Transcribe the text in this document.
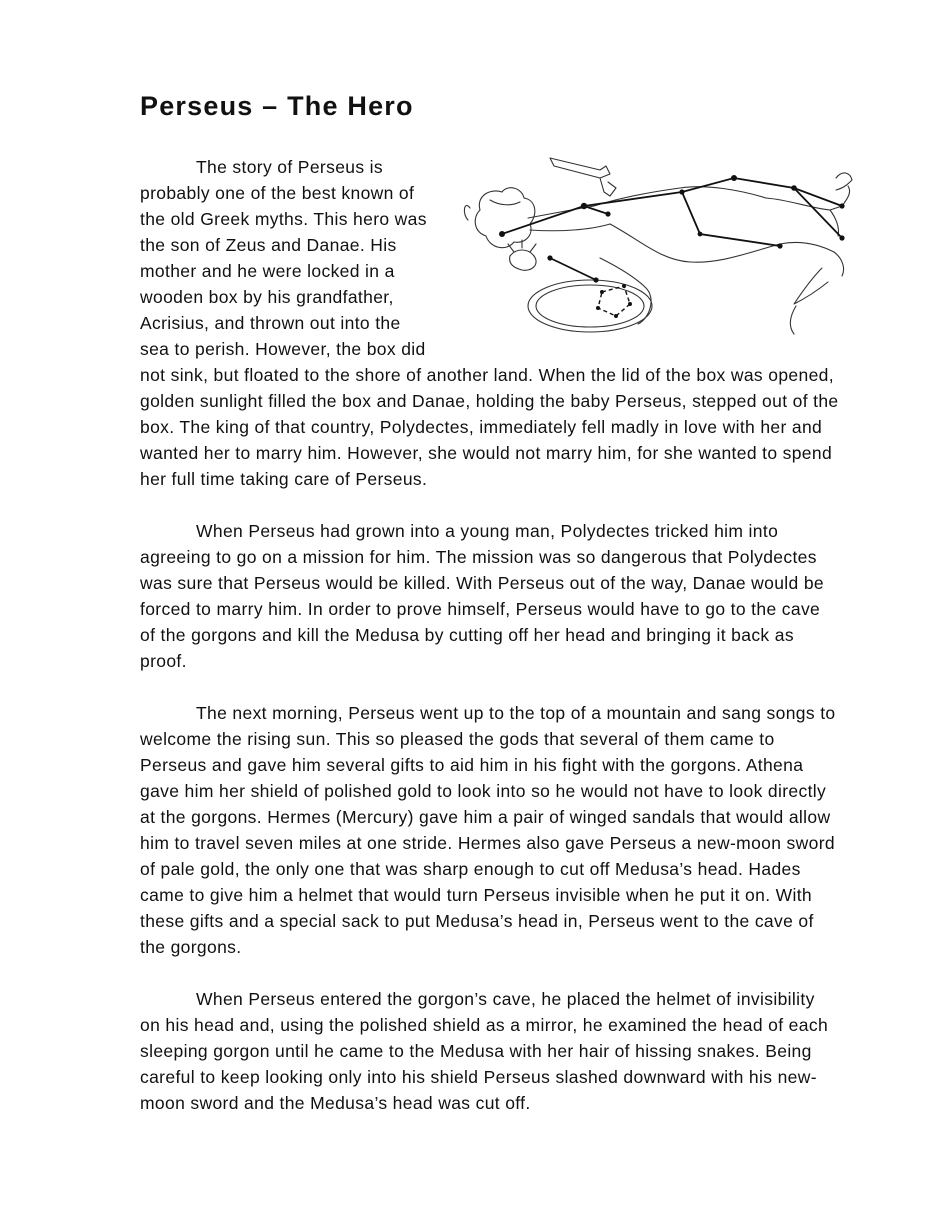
Perseus – The Hero

The story of Perseus is probably one of the best known of the old Greek myths. This hero was the son of Zeus and Danae. His mother and he were locked in a wooden box by his grandfather, Acrisius, and thrown out into the sea to perish. However, the box did not sink, but floated to the shore of another land. When the lid of the box was opened, golden sunlight filled the box and Danae, holding the baby Perseus, stepped out of the box. The king of that country, Polydectes, immediately fell madly in love with her and wanted her to marry him. However, she would not marry him, for she wanted to spend her full time taking care of Perseus.

When Perseus had grown into a young man, Polydectes tricked him into agreeing to go on a mission for him. The mission was so dangerous that Polydectes was sure that Perseus would be killed. With Perseus out of the way, Danae would be forced to marry him. In order to prove himself, Perseus would have to go to the cave of the gorgons and kill the Medusa by cutting off her head and bringing it back as proof.

The next morning, Perseus went up to the top of a mountain and sang songs to welcome the rising sun. This so pleased the gods that several of them came to Perseus and gave him several gifts to aid him in his fight with the gorgons. Athena gave him her shield of polished gold to look into so he would not have to look directly at the gorgons. Hermes (Mercury) gave him a pair of winged sandals that would allow him to travel seven miles at one stride. Hermes also gave Perseus a new-moon sword of pale gold, the only one that was sharp enough to cut off Medusa’s head. Hades came to give him a helmet that would turn Perseus invisible when he put it on. With these gifts and a special sack to put Medusa’s head in, Perseus went to the cave of the gorgons.

When Perseus entered the gorgon’s cave, he placed the helmet of invisibility on his head and, using the polished shield as a mirror, he examined the head of each sleeping gorgon until he came to the Medusa with her hair of hissing snakes. Being careful to keep looking only into his shield Perseus slashed downward with his new-moon sword and the Medusa’s head was cut off.
